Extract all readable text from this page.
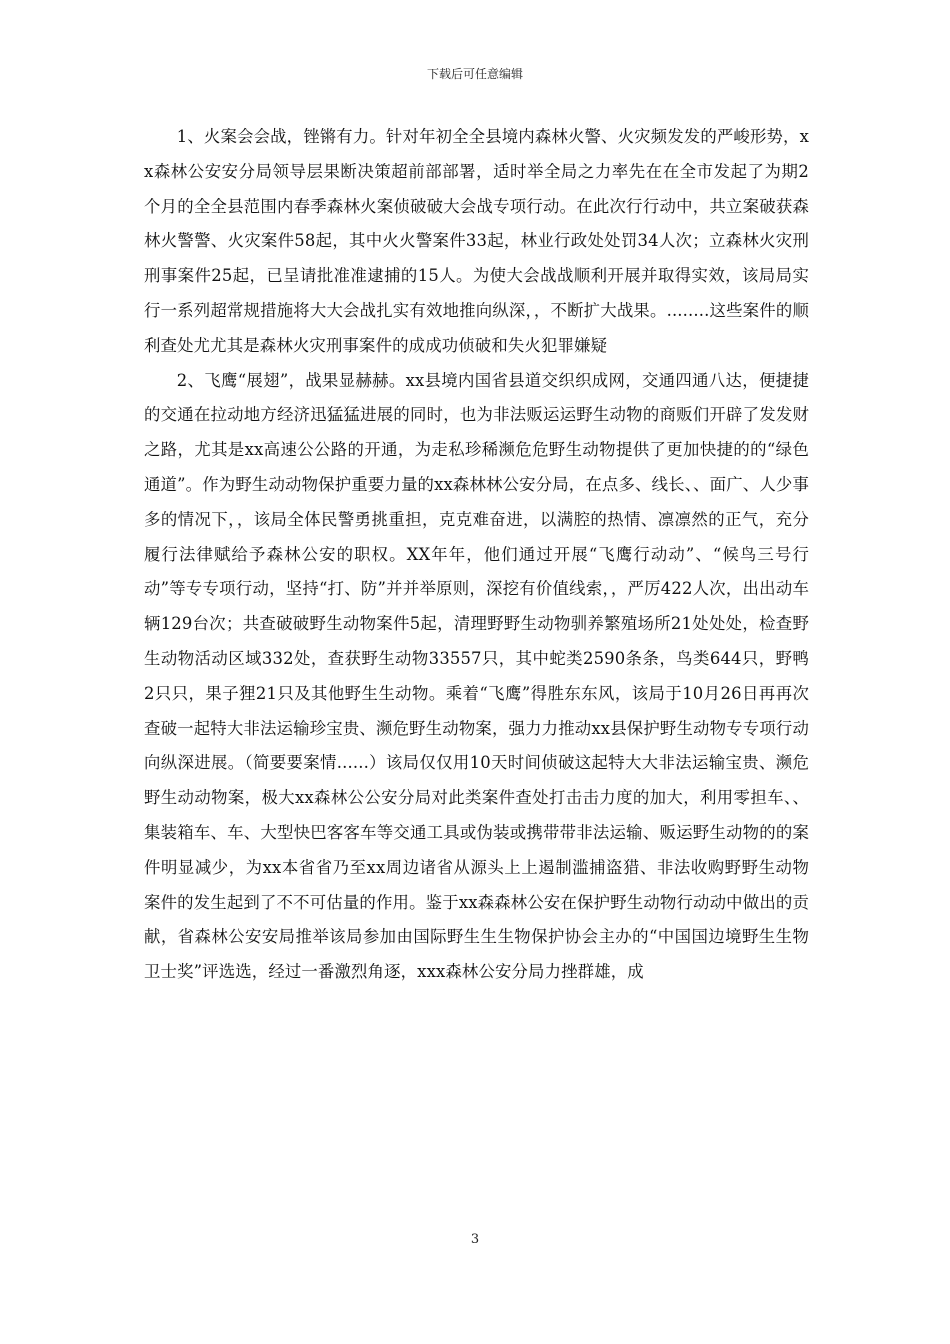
下载后可任意编辑

1、火案会会战，锉锵有力。针对年初全全县境内森林火警、火灾频发发的严峻形势，xx森林公安安分局领导层果断决策超前部部署，适时举全局之力率先在在全市发起了为期2个月的全全县范围内春季森林火案侦破破大会战专项行动。在此次行行动中，共立案破获森林火警警、火灾案件58起，其中火火警案件33起，林业行政处处罚34人次；立森林火灾刑刑事案件25起，已呈请批准准逮捕的15人。为使大会战战顺利开展并取得实效，该局局实行一系列超常规措施将大大会战扎实有效地推向纵深，，不断扩大战果。........这些案件的顺利查处尤尤其是森林火灾刑事案件的成成功侦破和失火犯罪嫌疑

2、飞鹰“展翅”，战果显赫赫。xx县境内国省县道交织织成网，交通四通八达，便捷捷的交通在拉动地方经济迅猛猛进展的同时，也为非法贩运运野生动物的商贩们开辟了发发财之路，尤其是xx高速公公路的开通，为走私珍稀濒危危野生动物提供了更加快捷的的“绿色通道”。作为野生动动物保护重要力量的xx森林林公安分局，在点多、线长、、面广、人少事多的情况下，，该局全体民警勇挑重担，克克难奋进，以满腔的热情、凛凛然的正气，充分履行法律赋给予森林公安的职权。XX年年，他们通过开展“飞鹰行动动”、“候鸟三号行动”等专专项行动，坚持“打、防”并并举原则，深挖有价值线索，，严厉422人次，出出动车辆129台次；共查破破野生动物案件5起，清理野野生动物驯养繁殖场所21处处处，检查野生动物活动区域332处，查获野生动物33557只，其中蛇类2590条条，鸟类644只，野鸭2只只，果子狸21只及其他野生生动物。乘着“飞鹰”得胜东东风，该局于10月26日再再次查破一起特大非法运输珍宝贵、濒危野生动物案，强力力推动xx县保护野生动物专专项行动向纵深进展。（简要要案情......）该局仅仅用10天时间侦破这起特大大非法运输宝贵、濒危野生动动物案，极大xx森林公公安分局对此类案件查处打击击力度的加大，利用零担车、、集装箱车、车、大型快巴客客车等交通工具或伪装或携带带非法运输、贩运野生动物的的案件明显减少，为xx本省省乃至xx周边诸省从源头上上遏制滥捕盗猎、非法收购野野生动物案件的发生起到了不不可估量的作用。鉴于xx森森林公安在保护野生动物行动动中做出的贡献，省森林公安安局推举该局参加由国际野生生生物保护协会主办的“中国国边境野生生物卫士奖”评选选，经过一番激烈角逐，xxx森林公安分局力挫群雄，成

3
